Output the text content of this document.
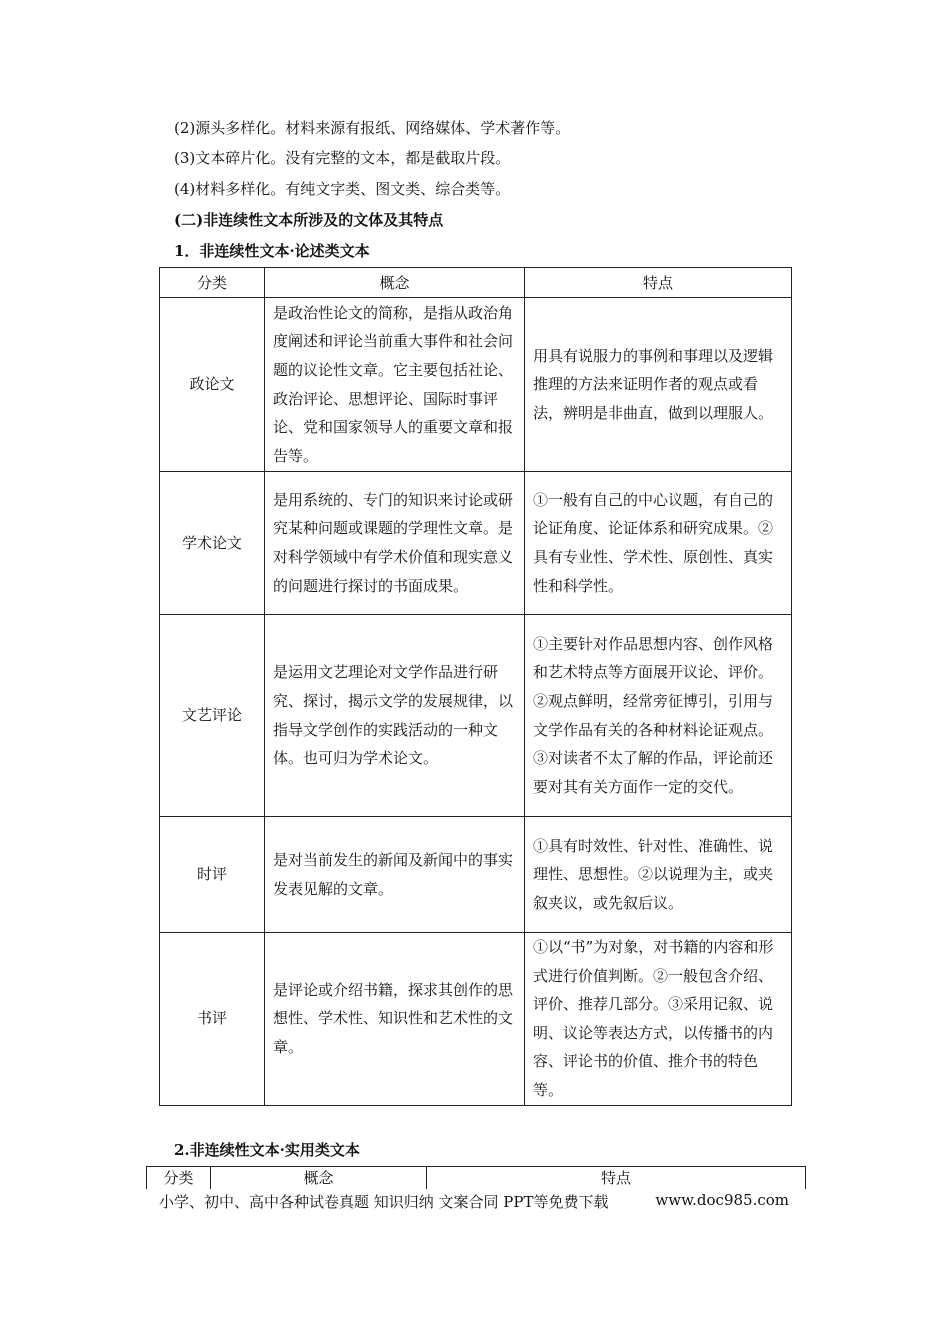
(2)源头多样化。材料来源有报纸、网络媒体、学术著作等。
(3)文本碎片化。没有完整的文本，都是截取片段。
(4)材料多样化。有纯文字类、图文类、综合类等。
(二)非连续性文本所涉及的文体及其特点
1．非连续性文本·论述类文本
分类	概念	特点
政论文	是政治性论文的简称，是指从政治角度阐述和评论当前重大事件和社会问题的议论性文章。它主要包括社论、政治评论、思想评论、国际时事评论、党和国家领导人的重要文章和报告等。	用具有说服力的事例和事理以及逻辑推理的方法来证明作者的观点或看法，辨明是非曲直，做到以理服人。
学术论文	是用系统的、专门的知识来讨论或研究某种问题或课题的学理性文章。是对科学领域中有学术价值和现实意义的问题进行探讨的书面成果。	①一般有自己的中心议题，有自己的论证角度、论证体系和研究成果。②具有专业性、学术性、原创性、真实性和科学性。
文艺评论	是运用文艺理论对文学作品进行研究、探讨，揭示文学的发展规律，以指导文学创作的实践活动的一种文体。也可归为学术论文。	①主要针对作品思想内容、创作风格和艺术特点等方面展开议论、评价。②观点鲜明，经常旁征博引，引用与文学作品有关的各种材料论证观点。③对读者不太了解的作品，评论前还要对其有关方面作一定的交代。
时评	是对当前发生的新闻及新闻中的事实发表见解的文章。	①具有时效性、针对性、准确性、说理性、思想性。②以说理为主，或夹叙夹议，或先叙后议。
书评	是评论或介绍书籍，探求其创作的思想性、学术性、知识性和艺术性的文章。	①以“书”为对象，对书籍的内容和形式进行价值判断。②一般包含介绍、评价、推荐几部分。③采用记叙、说明、议论等表达方式，以传播书的内容、评论书的价值、推介书的特色等。
2.非连续性文本·实用类文本
分类	概念	特点
小学、初中、高中各种试卷真题 知识归纳 文案合同 PPT等免费下载	www.doc985.com
